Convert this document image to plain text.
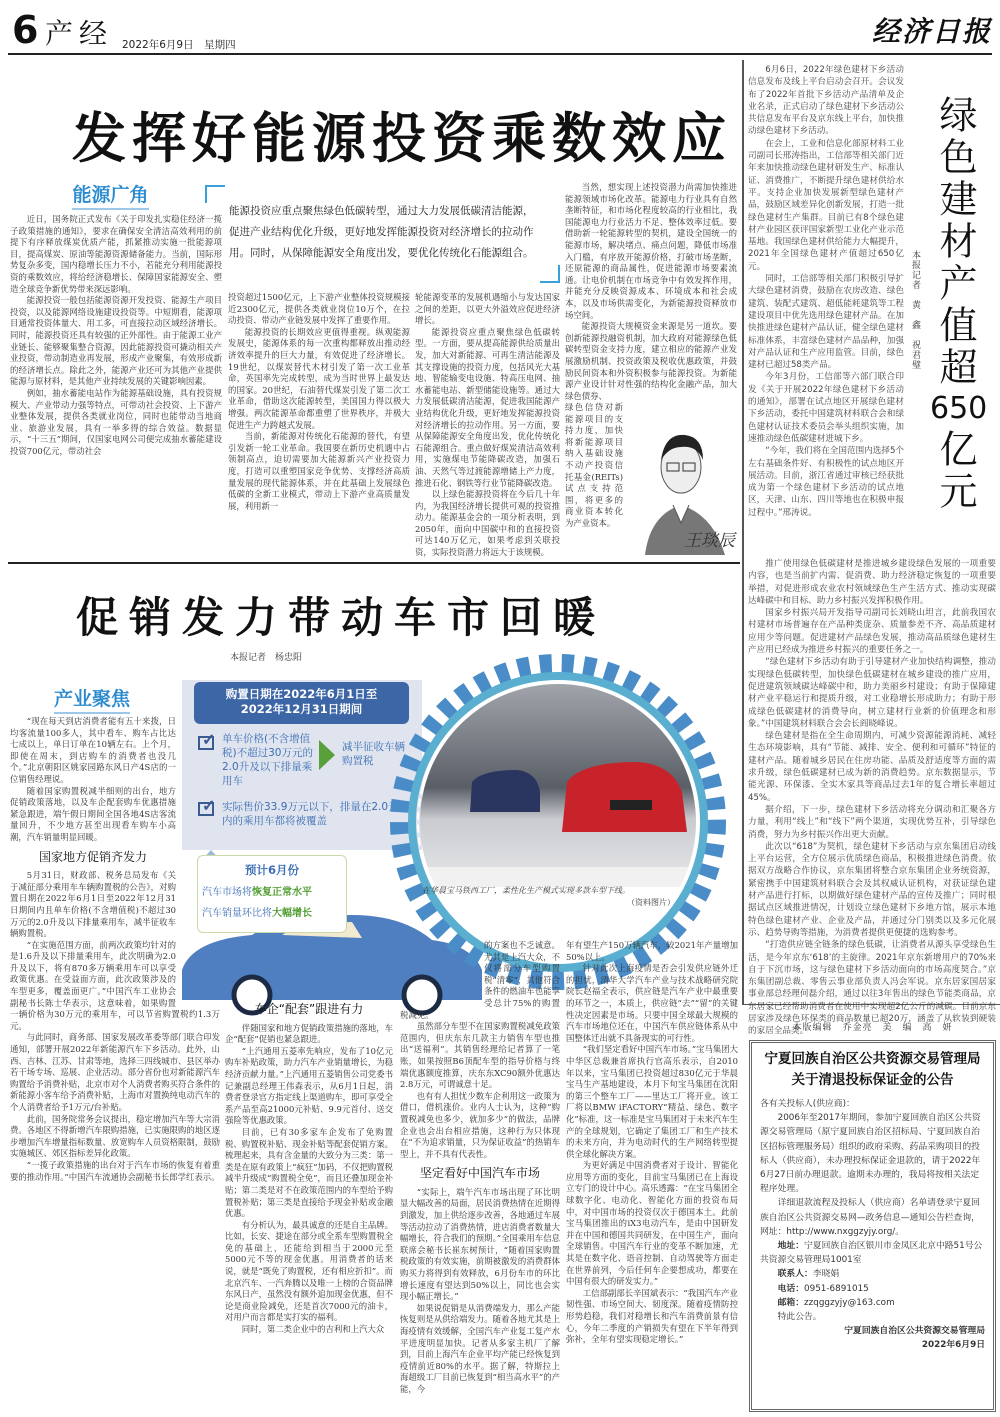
6 产经 2022年6月9日　星期四	经济日报
发挥好能源投资乘数效应
能源广角

近日，国务院正式发布《关于印发扎实稳住经济一揽子政策措施的通知》，要求在确保安全清洁高效利用的前提下有序释放煤炭优质产能，抓紧推动实施一批能源项目，提高煤炭、原油等能源资源储备能力。当前，国际形势复杂多变，国内稳增长压力不小，若能充分利用能源投资的乘数效应，将给经济稳增长、保障国家能源安全、塑造全球竞争新优势带来深远影响。

能源投资一般包括能源资源开发投资、能源生产项目投资，以及能源网络设施建设投资等。中短期看，能源项目通常投资体量大、用工多，可直接拉动区域经济增长。同时，能源投资还具有较强的正外部性。由于能源工业产业链长、能够聚集整合资源，因此能源投资可撬动相关产业投资，带动制造业再发展，形成产业聚集，有效形成新的经济增长点。除此之外，能源产业还可为其他产业提供能源与原材料，是其他产业持续发展的关键影响因素。

例如，抽水蓄能电站作为能源基础设施，具有投资规模大、产业带动力强等特点，可带动社会投资、上下游产业整体发展，提供各类就业岗位，同时也能带动当地商业、旅游业发展，具有一举多得的综合效益。数据显示，“十三五”期间，仅国家电网公司便完成抽水蓄能建设投资700亿元，带动社会

能源投资应重点聚焦绿色低碳转型，通过大力发展低碳清洁能源，促进产业结构优化升级，更好地发挥能源投资对经济增长的拉动作用。同时，从保障能源安全角度出发，要优化传统化石能源组合。

投资超过1500亿元，上下游产业整体投资规模接近2300亿元，提供各类就业岗位10万个，在拉动投资、带动产业链发展中发挥了重要作用。

能源投资的长期效应更值得重视。纵观能源发展史，能源体系的每一次重构都释放出推动经济效率提升的巨大力量，有效促进了经济增长。19世纪，以煤炭替代木材引发了第一次工业革命，英国率先完成转型，成为当时世界上最发达的国家。20世纪，石油替代煤炭引发了第二次工业革命，借助这次能源转型，美国国力得以极大增强。两次能源革命都重塑了世界秩序，并极大促进生产力跨越式发展。

当前，新能源对传统化石能源的替代，有望引发新一轮工业革命。我国要在新历史机遇中占领制高点，迫切需要加大能源新兴产业投资力度，打造可以重塑国家竞争优势、支撑经济高质量发展的现代能源体系，并在此基础上发展绿色低碳的全新工业模式，带动上下游产业高质量发展，利用新一

轮能源变革的发展机遇缩小与发达国家之间的差距，以更大外溢效应促进经济增长。

能源投资应重点聚焦绿色低碳转型。一方面，要从提高能源供给质量出发，加大对新能源、可再生清洁能源及其支撑设施的投资力度，包括风光大基地、智能输变电设施、特高压电网、抽水蓄能电站、新型储能设施等。通过大力发展低碳清洁能源，促进我国能源产业结构优化升级，更好地发挥能源投资对经济增长的拉动作用。另一方面，要从保障能源安全角度出发，优化传统化石能源组合。重点做好煤炭清洁高效利用，实施煤电节能降碳改造，加强石油、天然气等过渡能源增储上产力度，推进石化、钢铁等行业节能降碳改造。

以上绿色能源投资将在今后几十年内，为我国经济增长提供可观的投资推动力。能源基金会的一项分析表明，到2050年，面向中国碳中和的直接投资可达140万亿元，如果考虑到关联投资，实际投资潜力将远大于该规模。

当然，想实现上述投资潜力尚需加快推进能源领域市场化改革。能源电力行业具有自然垄断特征，和市场化程度较高的行业相比，我国能源电力行业活力不足、整体效率过低。要借助新一轮能源转型的契机，建设全国统一的能源市场，解决堵点、痛点问题，降低市场准入门槛，有序放开能源价格，打破市场垄断，还原能源的商品属性，促进能源市场要素流通。让电价机制在市场竞争中有效发挥作用，并能充分反映资源成本、环境成本和社会成本，以及市场供需变化，为新能源投资释放市场空间。

能源投资大规模资金来源是另一道坎。要创新能源投融资机制，加大政府对能源绿色低碳转型资金支持力度，建立相应的能源产业发展激励机制、投资政策及税收优惠政策，并鼓励民间资本和外资积极参与能源投资。为新能源产业设计针对性强的结构化金融产品，加大绿色债券、

绿色信贷对新能源项目的支持力度，加快将新能源项目纳入基础设施不动产投资信托基金(REITs)试点支持范围，将更多的商业资本转化为产业资本。

王琰辰
促销发力带动车市回暖
本报记者　杨忠阳
产业聚焦

“现在每天到店消费者能有五十来拨，日均客流量100多人，其中看车、购车占比达七成以上，单日订单在10辆左右。上个月，即使在周末，到店购车的消费者也没几个。”北京朝阳区姚家园路东风日产4S店的一位销售经理说。

随着国家购置税减半细则的出台，地方促销政策落地，以及车企配套购车优惠措施紧急跟进，端午假日期间全国各地4S店客流量回升，不少地方甚至出现看车购车小高潮，汽车销量明显回暖。

国家地方促销齐发力

5月31日，财政部、税务总局发布《关于减征部分乘用车车辆购置税的公告》，对购置日期在2022年6月1日至2022年12月31日期间内且单车价格(不含增值税)不超过30万元的2.0升及以下排量乘用车，减半征收车辆购置税。

“在实施范围方面，前两次政策均针对的是1.6升及以下排量乘用车，此次明确为2.0升及以下，将有870多万辆乘用车可以享受政策优惠。在受益面方面，此次政策涉及的车型更多，覆盖面更广。”中国汽车工业协会副秘书长陈士华表示，这意味着，如果购置一辆价格为30万元的乘用车，可以节省购置税约1.3万元。

与此同时，商务部、国家发展改革委等部门联合印发通知，部署开展2022年新能源汽车下乡活动。此外，山西、吉林、江苏、甘肃等地，选择三四线城市、县区举办若干场专场、巡展、企业活动。部分省份也对新能源汽车购置给予消费补贴，北京市对个人消费者购买符合条件的新能源小客车给予消费补贴，上海市对置换纯电动汽车的个人消费者给予1万元/台补贴。

此前，国务院常务会议提出，稳定增加汽车等大宗消费。各地区不得新增汽车限购措施，已实施限购的地区逐步增加汽车增量指标数量、放宽购车人员资格限制，鼓励实施城区、郊区指标差异化政策。

“一揽子政策措施的出台对于汽车市场的恢复有着重要的推动作用。”中国汽车流通协会副秘书长郎学红表示。

购置日期在2022年6月1日至
2022年12月31日期间
✓ 单车价格(不含增值税)不超过30万元的2.0升及以下排量乘用车
减半征收车辆购置税
✓ 实际售价33.9万元以下，排量在2.0升以内的乘用车都将被覆盖
预计6月份
汽车市场将恢复正常水平
汽车销量环比将大幅增长
在华晨宝马铁西工厂，柔性化生产模式实现多款车型下线。
（资料图片）
车企“配套”跟进有力

伴随国家和地方促销政策措施的落地，车企“配套”促销也紧急跟进。

“上汽通用五菱率先响应，发布了10亿元购车补贴政策，助力汽车产业销量增长，为稳经济贡献力量。”上汽通用五菱销售公司党委书记兼副总经理王伟森表示，从6月1日起，消费者登录官方指定线上渠道购车，即可享受全系产品至高21000元补贴、9.9元首付、送交强险等优惠政策。

目前，已有30多家车企发布了免购置税、购置税补贴、现金补贴等配套促销方案。梳理起来，具有含金量的大致分为三类：第一类是在原有政策上“疯狂”加码，不仅把购置税减半升级成“购置税全免”，而且还叠加现金补贴；第二类是对不在政策范围内的车型给予购置税补贴；第三类是直接给予现金补贴或金融优惠。

有分析认为，最具诚意的还是自主品牌。比如，长安、捷途在部分或全系车型购置税全免的基础上，还能给到相当于2000元至5000元不等的现金优惠。用消费者的话来说，就是“既免了购置税，还有相应折扣”。而北京汽车、一汽奔腾以及唯一上榜的合资品牌东风日产，虽然没有额外追加现金优惠，但不论是商业险减免，还是首次7000元的油卡，对用户而言都是实打实的福利。

同时，第二类企业中的吉利和上汽大众

的方案也不乏诚意。尤其是上汽大众，不仅将部分车型购置税“清零”，其他符合条件的燃油车也能享受总计75%的购置税减免。

虽然部分车型不在国家购置税减免政策范围内，但庆东东几款主力销售车型也推出“送福利”。其销售经理给记者算了一笔账，如果按照B6顶配车型的指导价格与终端优惠额度推算，庆东东XC90额外优惠达2.8万元，可谓诚意十足。

也有有人担忧少数车企利用这一政策为借口，借机涨价。业内人士认为，这种“购置税减免也多少，就加多少”的做法，品牌企业也会出台相应措施，这种行为只体现在“不为追求销量，只为保证收益”的热销车型上，并不具有代表性。

坚定看好中国汽车市场

“实际上，端午汽车市场出现了环比明显大幅改善的局面，居民消费热情在近期得到激发，加上供给逐步改善，各地通过车展等活动拉动了消费热情，进店消费者数量大幅增长，符合我们的预期。”全国乘用车信息联席会秘书长崔东树预计，“随着国家购置税政策的有效实施，前期被激发的消费群体购买力将得到有效释放，6月份车市的环比增长速度有望达到50%以上，同比也会实现小幅正增长。”

如果说促销是从消费端发力，那么产能恢复则是从供给端发力。随着各地尤其是上海疫情有效缓解，全国汽车产业复工复产水平进度明显加快。记者从多家主机厂了解到，目前上海汽车企业平均产能已经恢复到疫情前近80%的水平。据了解，特斯拉上海超级工厂目前已恢复到“相当高水平”的产能，今

年有望生产150万辆汽车，较2021年产量增加50%以上。

针对此次上海疫情是否会引发供应链外迁的担忧，清华大学汽车产业与技术战略研究院院长赵福全表示，供应链是汽车产业中最重要的环节之一，本质上，供应链“去”“留”的关键性决定因素是市场。只要中国全球最大规模的汽车市场地位还在，中国汽车供应链体系从中国整体迁出就不具备现实的可行性。

“我们坚定看好中国汽车市场。”宝马集团大中华区总裁兼首席执行官高乐表示，自2010年以来，宝马集团已投资超过830亿元于华晨宝马生产基地建设，本月下旬宝马集团在沈阳的第三个整车工厂——里达工厂将开业。该工厂将以BMW iFACTORY“精益、绿色、数字化”标准，这一标准是宝马集团对于未来汽车生产的全球规划，它确定了集团工厂和生产技术的未来方向，并为电动时代的生产网络转型提供全球化解决方案。

为更好满足中国消费者对于设计、智能化应用等方面的变化，目前宝马集团已在上海设立专门的设计中心。高乐透露：“在宝马集团全球数字化、电动化、智能化方面的投资布局中，对中国市场的投资仅次于德国本土。此前宝马集团推出的iX3电动汽车，是由中国研发并在中国和德国共同研发，在中国生产，面向全球销售。中国汽车行业的变革不断加速，尤其是在数字化、语音控制、自动驾驶等方面走在世界前列，今后任何车企要想成功，都要在中国有很大的研发实力。”

工信部副部长辛国斌表示：“我国汽车产业韧性强、市场空间大、韧度深。随着疫情防控形势趋稳，我们对稳增长和汽车消费前景有信心，今年二季度的产销损失有望在下半年得到弥补，全年有望实现稳定增长。”

6月6日，2022年绿色建材下乡活动信息发布及线上平台启动会召开。会议发布了2022年首批下乡活动产品清单及企业名录，正式启动了绿色建材下乡活动公共信息发布平台及京东线上平台，加快推动绿色建材下乡活动。

在会上，工业和信息化部原材料工业司副司长邢涛指出，工信部等相关部门近年来加快推动绿色建材研发生产、标准认证、消费推广，不断提升绿色建材供给水平。支持企业加快发展新型绿色建材产品，鼓励区域差异化创新发展，打造一批绿色建材生产集群。目前已有8个绿色建材产业园区获评国家新型工业化产业示范基地。我国绿色建材供给能力大幅提升，2021年全国绿色建材产值超过650亿元。

同时，工信部等相关部门积极引导扩大绿色建材消费，鼓励在农房改造、绿色建筑、装配式建筑、超低能耗建筑等工程建设项目中优先选用绿色建材产品。在加快推进绿色建材产品认证，健全绿色建材标准体系，丰富绿色建材产品品种，加强对产品认证和生产应用监管。目前，绿色建材已超过58类产品。

今年3月份，工信部等六部门联合印发《关于开展2022年绿色建材下乡活动的通知》，部署在试点地区开展绿色建材下乡活动，委托中国建筑材料联合会和绿色建材认证技术委员会举头组织实施，加速推动绿色低碳建材进城下乡。

“今年，我们将在全国范围内选择5个左右基础条件好、有积极性的试点地区开展活动。目前，浙江省通过审核已经获批成为第一个绿色建材下乡活动的试点地区，天津、山东、四川等地也在积极申报过程中。”邢涛说。

本报记者　黄　鑫　祝君璧 绿色建材产值超
650
亿元

推广使用绿色低碳建材是推进城乡建设绿色发展的一项重要内容，也是当前扩内需、促消费、助力经济稳定恢复的一项重要举措，对促进形成农业农村领域绿色生产生活方式、推动实现碳达峰碳中和目标、助力乡村振兴发挥积极作用。

国家乡村振兴局开发指导司副司长刘晓山坦言，此前我国农村建材市场普遍存在产品种类庞杂、质量参差不齐、高品质建材应用少等问题。促进建材产品绿色发展，推动高品质绿色建材生产应用已经成为推进乡村振兴的重要任务之一。

“绿色建材下乡活动有助于引导建材产业加快结构调整，推动实现绿色低碳转型，加快绿色低碳建材在城乡建设的推广应用，促进建筑领域碳达峰碳中和，助力美丽乡村建设；有助于保障建材产业平稳运行和提质升级，对工业稳增长形成助力；有助于形成绿色低碳建材的消费导向，树立建材行业新的价值理念和形象。”中国建筑材料联合会会长阎晓峰说。

绿色建材是指在全生命周期内，可减少资源能源消耗、减轻生态环境影响，具有“节能、减排、安全、便利和可循环”特征的建材产品。随着城乡居民在住房功能、品质及舒适度等方面的需求升级，绿色低碳建材已成为新的消费趋势。京东数据显示，节能光源、环保漆、全实木家具等商品过去1年的复合增长率超过45%。

据介绍，下一步，绿色建材下乡活动将充分调动和汇聚各方力量，利用“线上”和“线下”两个渠道，实现优势互补，引导绿色消费，努力为乡村振兴作出更大贡献。

此次以“618”为契机，绿色建材下乡活动与京东集团启动线上平台运营，全方位展示优质绿色商品，积极推进绿色消费。依据双方战略合作协议，京东集团将整合京东集团企业务统资源，紧密携手中国建筑材料联合会及其权威认证机构，对获证绿色建材产品进行打标，以期做好绿色建材产品的宣传及推广；同时根据试点区域推进情况，计划设立绿色建材下乡地方馆，展示本地特色绿色建材产业、企业及产品，并通过分门别类以及多元化展示、趋势导购等措施，为消费者提供更便捷的选购参考。

“打造供应链全链条的绿色低碳，让消费者从源头享受绿色生活，是今年京东‘618’的主旋律。2021年京东新增用户的70%来自于下沉市场，这与绿色建材下乡活动面向的市场高度契合。”京东集团副总裁、零售云事业部负责人冯会军说。京东居家国居家事业部总经理何磊介绍，通过以往3年售出的绿色节能类商品，京东居家已经帮助消费者在使用中实现超2亿公斤的减碳。目前京东居家涉及绿色环保类的商品数量已超20万，涵盖了从软装到硬装的家居全品类。

本版编辑　乔金亮　美　编　高　妍
宁夏回族自治区公共资源交易管理局
关于清退投标保证金的公告
各有关投标人(供应商)：

2006年至2017年期间，参加宁夏回族自治区公共资源交易管理局（原宁夏回族自治区招标局、宁夏回族自治区招标管理服务局）组织的政府采购、药品采购项目的投标人（供应商），未办理投标保证金退款的，请于2022年6月27日前办理退款。逾期未办理的，我局将按相关法定程序处理。

详细退款流程及投标人（供应商）名单请登录宁夏回族自治区公共资源交易网—政务信息—通知公告栏查询，网址：http://www.nxggzyjy.org/。

地址：宁夏回族自治区银川市金凤区北京中路51号公共资源交易管理局1001室

联系人：李晓娟

电话：0951-6891015

邮箱：zzqggzyjy@163.com

特此公告。

宁夏回族自治区公共资源交易管理局
2022年6月9日
